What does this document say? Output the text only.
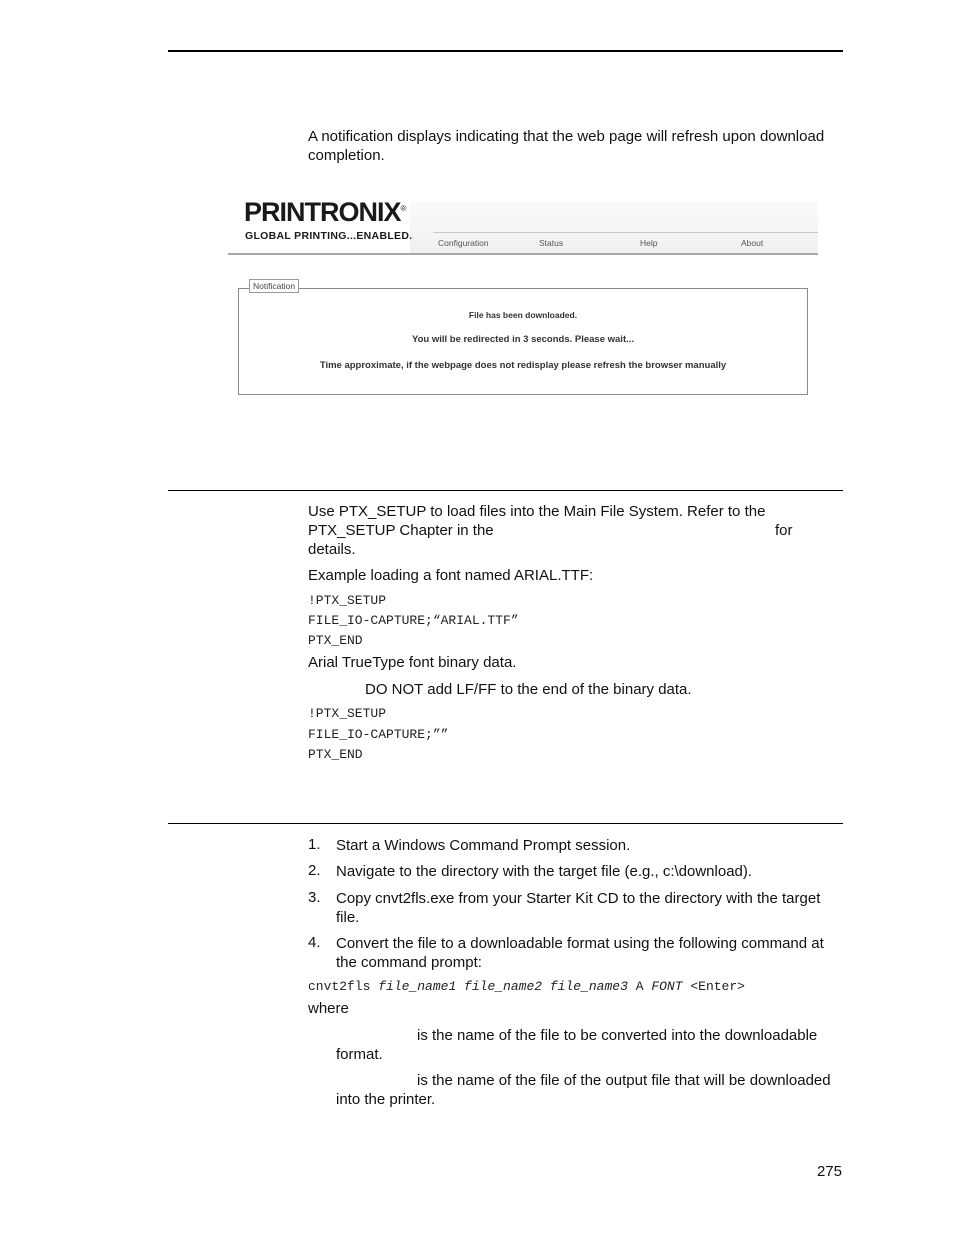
A notification displays indicating that the web page will refresh upon download completion.
PRINTRONIX®
GLOBAL PRINTING...ENABLED.
Configuration	Status	Help	About
Notification
File has been downloaded.
You will be redirected in 3 seconds. Please wait...
Time approximate, if the webpage does not redisplay please refresh the browser manually
Use PTX_SETUP to load files into the Main File System. Refer to the
PTX_SETUP Chapter in the	for
details.
Example loading a font named ARIAL.TTF:
!PTX_SETUP
FILE_IO-CAPTURE;“ARIAL.TTF”
PTX_END
Arial TrueType font binary data.
DO NOT add LF/FF to the end of the binary data.
!PTX_SETUP
FILE_IO-CAPTURE;””
PTX_END
1.	Start a Windows Command Prompt session.
2.	Navigate to the directory with the target file (e.g., c:\download).
3.	Copy cnvt2fls.exe from your Starter Kit CD to the directory with the target
file.
4.	Convert the file to a downloadable format using the following command at
the command prompt:
cnvt2fls file_name1 file_name2 file_name3 A FONT <Enter>
where
is the name of the file to be converted into the downloadable
format.
is the name of the file of the output file that will be downloaded
into the printer.
275
